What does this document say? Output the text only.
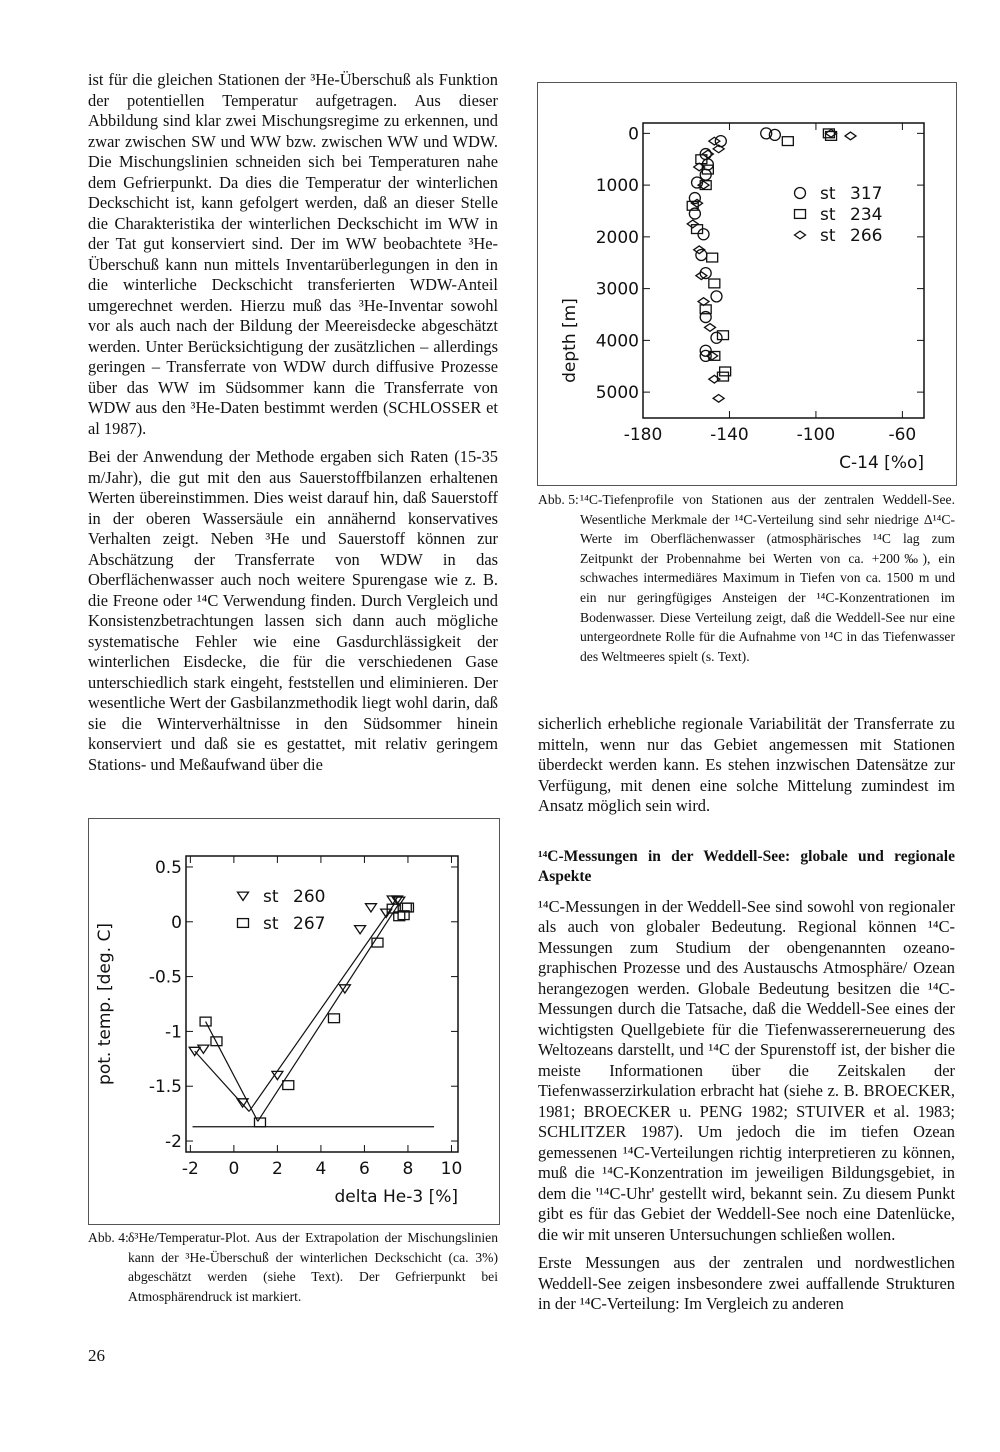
ist für die gleichen Stationen der ³He-Überschuß als Funktion der potentiellen Temperatur aufgetragen. Aus dieser Abbildung sind klar zwei Mischungsregime zu erkennen, und zwar zwischen SW und WW bzw. zwischen WW und WDW. Die Mischungslinien schneiden sich bei Temperaturen nahe dem Gefrierpunkt. Da dies die Temperatur der winterlichen Deckschicht ist, kann gefolgert werden, daß an dieser Stelle die Charakteristika der winterlichen Deckschicht im WW in der Tat gut konserviert sind. Der im WW beobachtete ³He-Überschuß kann nun mittels Inventarüberlegungen in den in die winterliche Deckschicht transferierten WDW-Anteil umgerechnet werden. Hierzu muß das ³He-Inventar sowohl vor als auch nach der Bildung der Meereisdecke abgeschätzt werden. Unter Berücksichtigung der zusätzlichen – allerdings geringen – Transferrate von WDW durch diffusive Prozesse über das WW im Südsommer kann die Transferrate von WDW aus den ³He-Daten bestimmt werden (SCHLOSSER et al 1987).

Bei der Anwendung der Methode ergaben sich Raten (15-35 m/Jahr), die gut mit den aus Sauerstoffbilanzen erhaltenen Werten übereinstimmen. Dies weist darauf hin, daß Sauerstoff in der oberen Wassersäule ein annähernd konservatives Verhalten zeigt. Neben ³He und Sauerstoff können zur Abschätzung der Transferrate von WDW in das Oberflächenwasser auch noch weitere Spurengase wie z. B. die Freone oder ¹⁴C Verwendung finden. Durch Vergleich und Konsistenzbetrachtungen lassen sich dann auch mögliche systematische Fehler wie eine Gasdurchlässigkeit der winterlichen Eisdecke, die für die verschiedenen Gase unterschiedlich stark eingeht, feststellen und eliminieren. Der wesentliche Wert der Gasbilanzmethodik liegt wohl darin, daß sie die Winterverhältnisse in den Südsommer hinein konserviert und daß sie es gestattet, mit relativ geringem Stations- und Meßaufwand über die

-2 0 2 4 6 8 10
0.5
0
-0.5
-1
-1.5
-2
delta He-3 [%]
pot. temp. [deg. C]
st 260
st 267
Abb. 4: δ³He/Temperatur-Plot. Aus der Extrapolation der Mischungslinien kann der ³He-Überschuß der winterlichen Deckschicht (ca. 3%) abgeschätzt werden (siehe Text). Der Gefrierpunkt bei Atmosphärendruck ist markiert.
26
-180	-140	-100	-60
0
1000
2000
3000
4000
5000
C-14 [%o]
depth [m]
st 317
st 234
st 266
Abb. 5: ¹⁴C-Tiefenprofile von Stationen aus der zentralen Weddell-See. Wesentliche Merkmale der ¹⁴C-Verteilung sind sehr niedrige Δ¹⁴C-Werte im Oberflächenwasser (atmosphärisches ¹⁴C lag zum Zeitpunkt der Probennahme bei Werten von ca. +200‰), ein schwaches intermediäres Maximum in Tiefen von ca. 1500 m und ein nur geringfügiges Ansteigen der ¹⁴C-Konzentrationen im Bodenwasser. Diese Verteilung zeigt, daß die Weddell-See nur eine untergeordnete Rolle für die Aufnahme von ¹⁴C in das Tiefenwasser des Weltmeeres spielt (s. Text).

sicherlich erhebliche regionale Variabilität der Transferrate zu mitteln, wenn nur das Gebiet angemessen mit Stationen überdeckt werden kann. Es stehen inzwischen Datensätze zur Verfügung, mit denen eine solche Mittelung zumindest im Ansatz möglich sein wird.

¹⁴C-Messungen in der Weddell-See: globale und regionale Aspekte

¹⁴C-Messungen in der Weddell-See sind sowohl von regionaler als auch von globaler Bedeutung. Regional können ¹⁴C-Messungen zum Studium der obengenannten ozeanographischen Prozesse und des Austauschs Atmosphäre/ Ozean herangezogen werden. Globale Bedeutung besitzen die ¹⁴C-Messungen durch die Tatsache, daß die Weddell-See eines der wichtigsten Quellgebiete für die Tiefenwassererneuerung des Weltozeans darstellt, und ¹⁴C der Spurenstoff ist, der bisher die meiste Informationen über die Zeitskalen der Tiefenwasserzirkulation erbracht hat (siehe z. B. BROECKER, 1981; BROECKER u. PENG 1982; STUIVER et al. 1983; SCHLITZER 1987). Um jedoch die im tiefen Ozean gemessenen ¹⁴C-Verteilungen richtig interpretieren zu können, muß die ¹⁴C-Konzentration im jeweiligen Bildungsgebiet, in dem die '¹⁴C-Uhr' gestellt wird, bekannt sein. Zu diesem Punkt gibt es für das Gebiet der Weddell-See noch eine Datenlücke, die wir mit unseren Untersuchungen schließen wollen.

Erste Messungen aus der zentralen und nordwestlichen Weddell-See zeigen insbesondere zwei auffallende Strukturen in der ¹⁴C-Verteilung: Im Vergleich zu anderen
